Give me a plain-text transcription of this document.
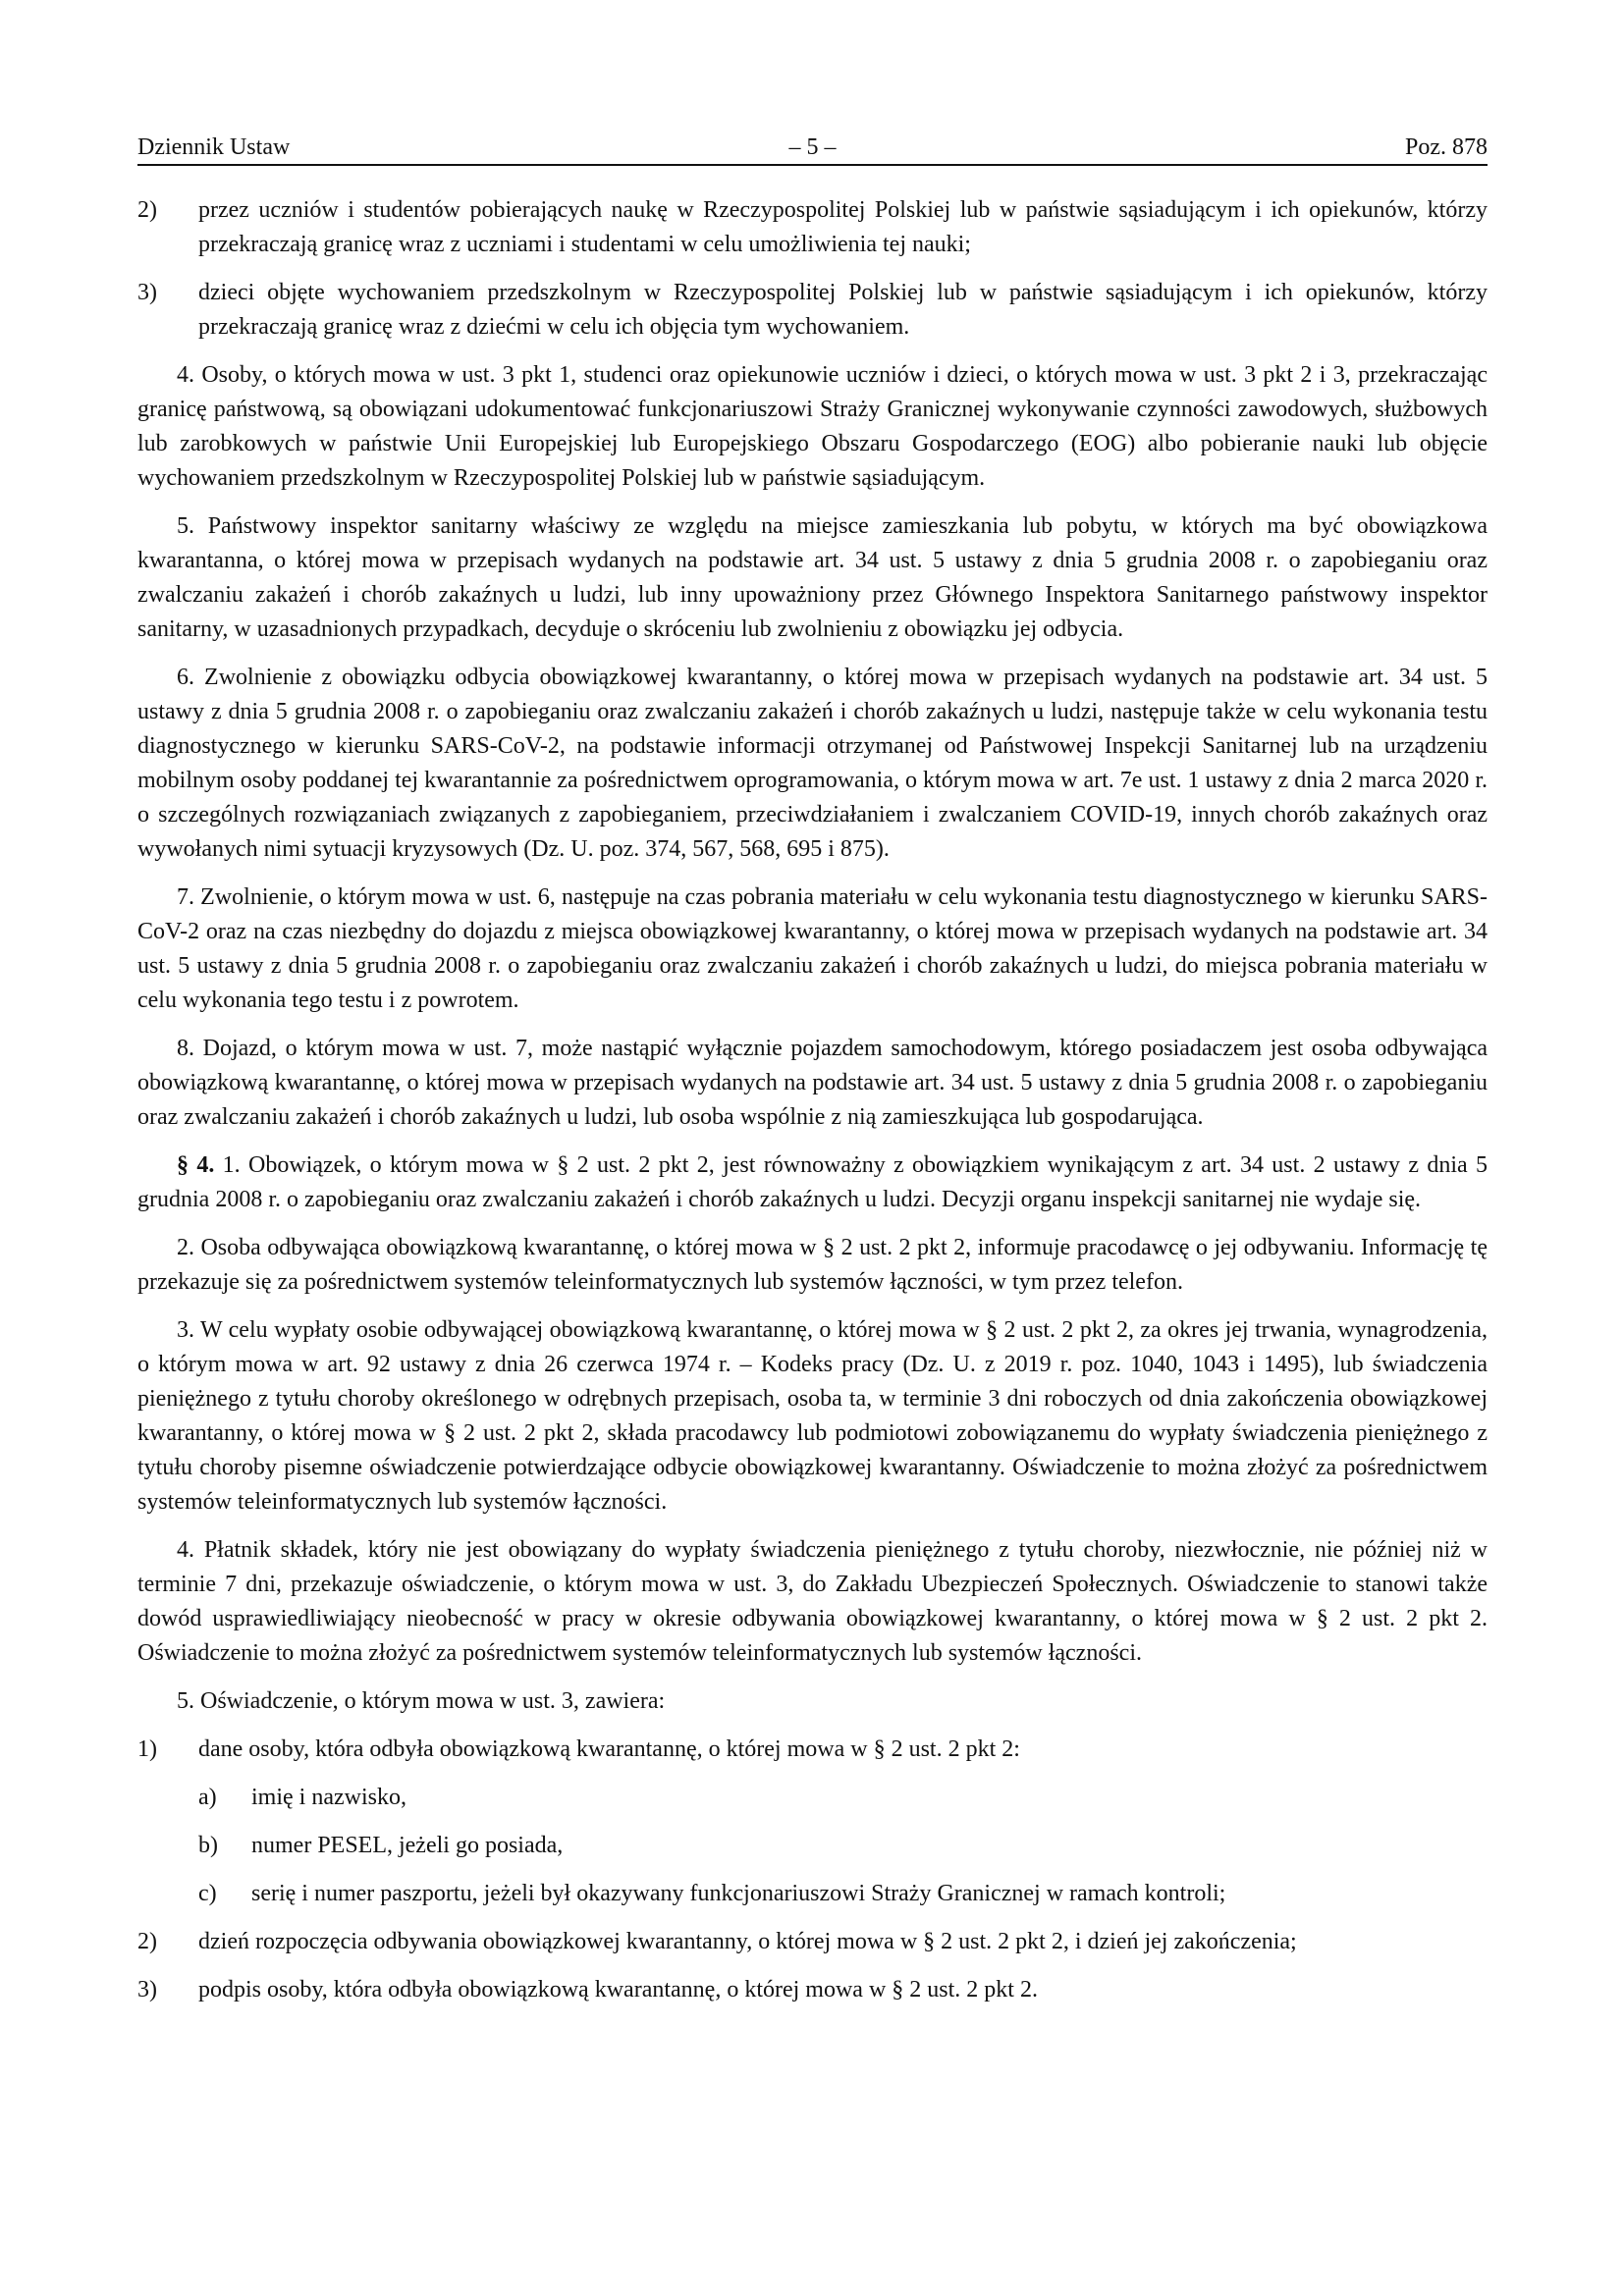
Dziennik Ustaw	– 5 –	Poz. 878
2) przez uczniów i studentów pobierających naukę w Rzeczypospolitej Polskiej lub w państwie sąsiadującym i ich opiekunów, którzy przekraczają granicę wraz z uczniami i studentami w celu umożliwienia tej nauki;
3) dzieci objęte wychowaniem przedszkolnym w Rzeczypospolitej Polskiej lub w państwie sąsiadującym i ich opiekunów, którzy przekraczają granicę wraz z dziećmi w celu ich objęcia tym wychowaniem.

4. Osoby, o których mowa w ust. 3 pkt 1, studenci oraz opiekunowie uczniów i dzieci, o których mowa w ust. 3 pkt 2 i 3, przekraczając granicę państwową, są obowiązani udokumentować funkcjonariuszowi Straży Granicznej wykonywanie czynności zawodowych, służbowych lub zarobkowych w państwie Unii Europejskiej lub Europejskiego Obszaru Gospodarczego (EOG) albo pobieranie nauki lub objęcie wychowaniem przedszkolnym w Rzeczypospolitej Polskiej lub w państwie sąsiadującym.

5. Państwowy inspektor sanitarny właściwy ze względu na miejsce zamieszkania lub pobytu, w których ma być obowiązkowa kwarantanna, o której mowa w przepisach wydanych na podstawie art. 34 ust. 5 ustawy z dnia 5 grudnia 2008 r. o zapobieganiu oraz zwalczaniu zakażeń i chorób zakaźnych u ludzi, lub inny upoważniony przez Głównego Inspektora Sanitarnego państwowy inspektor sanitarny, w uzasadnionych przypadkach, decyduje o skróceniu lub zwolnieniu z obowiązku jej odbycia.

6. Zwolnienie z obowiązku odbycia obowiązkowej kwarantanny, o której mowa w przepisach wydanych na podstawie art. 34 ust. 5 ustawy z dnia 5 grudnia 2008 r. o zapobieganiu oraz zwalczaniu zakażeń i chorób zakaźnych u ludzi, następuje także w celu wykonania testu diagnostycznego w kierunku SARS-CoV-2, na podstawie informacji otrzymanej od Państwowej Inspekcji Sanitarnej lub na urządzeniu mobilnym osoby poddanej tej kwarantannie za pośrednictwem oprogramowania, o którym mowa w art. 7e ust. 1 ustawy z dnia 2 marca 2020 r. o szczególnych rozwiązaniach związanych z zapobieganiem, przeciwdziałaniem i zwalczaniem COVID-19, innych chorób zakaźnych oraz wywołanych nimi sytuacji kryzysowych (Dz. U. poz. 374, 567, 568, 695 i 875).

7. Zwolnienie, o którym mowa w ust. 6, następuje na czas pobrania materiału w celu wykonania testu diagnostycznego w kierunku SARS-CoV-2 oraz na czas niezbędny do dojazdu z miejsca obowiązkowej kwarantanny, o której mowa w przepisach wydanych na podstawie art. 34 ust. 5 ustawy z dnia 5 grudnia 2008 r. o zapobieganiu oraz zwalczaniu zakażeń i chorób zakaźnych u ludzi, do miejsca pobrania materiału w celu wykonania tego testu i z powrotem.

8. Dojazd, o którym mowa w ust. 7, może nastąpić wyłącznie pojazdem samochodowym, którego posiadaczem jest osoba odbywająca obowiązkową kwarantannę, o której mowa w przepisach wydanych na podstawie art. 34 ust. 5 ustawy z dnia 5 grudnia 2008 r. o zapobieganiu oraz zwalczaniu zakażeń i chorób zakaźnych u ludzi, lub osoba wspólnie z nią zamieszkująca lub gospodarująca.

§ 4. 1. Obowiązek, o którym mowa w § 2 ust. 2 pkt 2, jest równoważny z obowiązkiem wynikającym z art. 34 ust. 2 ustawy z dnia 5 grudnia 2008 r. o zapobieganiu oraz zwalczaniu zakażeń i chorób zakaźnych u ludzi. Decyzji organu inspekcji sanitarnej nie wydaje się.

2. Osoba odbywająca obowiązkową kwarantannę, o której mowa w § 2 ust. 2 pkt 2, informuje pracodawcę o jej odbywaniu. Informację tę przekazuje się za pośrednictwem systemów teleinformatycznych lub systemów łączności, w tym przez telefon.

3. W celu wypłaty osobie odbywającej obowiązkową kwarantannę, o której mowa w § 2 ust. 2 pkt 2, za okres jej trwania, wynagrodzenia, o którym mowa w art. 92 ustawy z dnia 26 czerwca 1974 r. – Kodeks pracy (Dz. U. z 2019 r. poz. 1040, 1043 i 1495), lub świadczenia pieniężnego z tytułu choroby określonego w odrębnych przepisach, osoba ta, w terminie 3 dni roboczych od dnia zakończenia obowiązkowej kwarantanny, o której mowa w § 2 ust. 2 pkt 2, składa pracodawcy lub podmiotowi zobowiązanemu do wypłaty świadczenia pieniężnego z tytułu choroby pisemne oświadczenie potwierdzające odbycie obowiązkowej kwarantanny. Oświadczenie to można złożyć za pośrednictwem systemów teleinformatycznych lub systemów łączności.

4. Płatnik składek, który nie jest obowiązany do wypłaty świadczenia pieniężnego z tytułu choroby, niezwłocznie, nie później niż w terminie 7 dni, przekazuje oświadczenie, o którym mowa w ust. 3, do Zakładu Ubezpieczeń Społecznych. Oświadczenie to stanowi także dowód usprawiedliwiający nieobecność w pracy w okresie odbywania obowiązkowej kwarantanny, o której mowa w § 2 ust. 2 pkt 2. Oświadczenie to można złożyć za pośrednictwem systemów teleinformatycznych lub systemów łączności.

5. Oświadczenie, o którym mowa w ust. 3, zawiera:

1) dane osoby, która odbyła obowiązkową kwarantannę, o której mowa w § 2 ust. 2 pkt 2:
a) imię i nazwisko,
b) numer PESEL, jeżeli go posiada,
c) serię i numer paszportu, jeżeli był okazywany funkcjonariuszowi Straży Granicznej w ramach kontroli;
2) dzień rozpoczęcia odbywania obowiązkowej kwarantanny, o której mowa w § 2 ust. 2 pkt 2, i dzień jej zakończenia;
3) podpis osoby, która odbyła obowiązkową kwarantannę, o której mowa w § 2 ust. 2 pkt 2.
